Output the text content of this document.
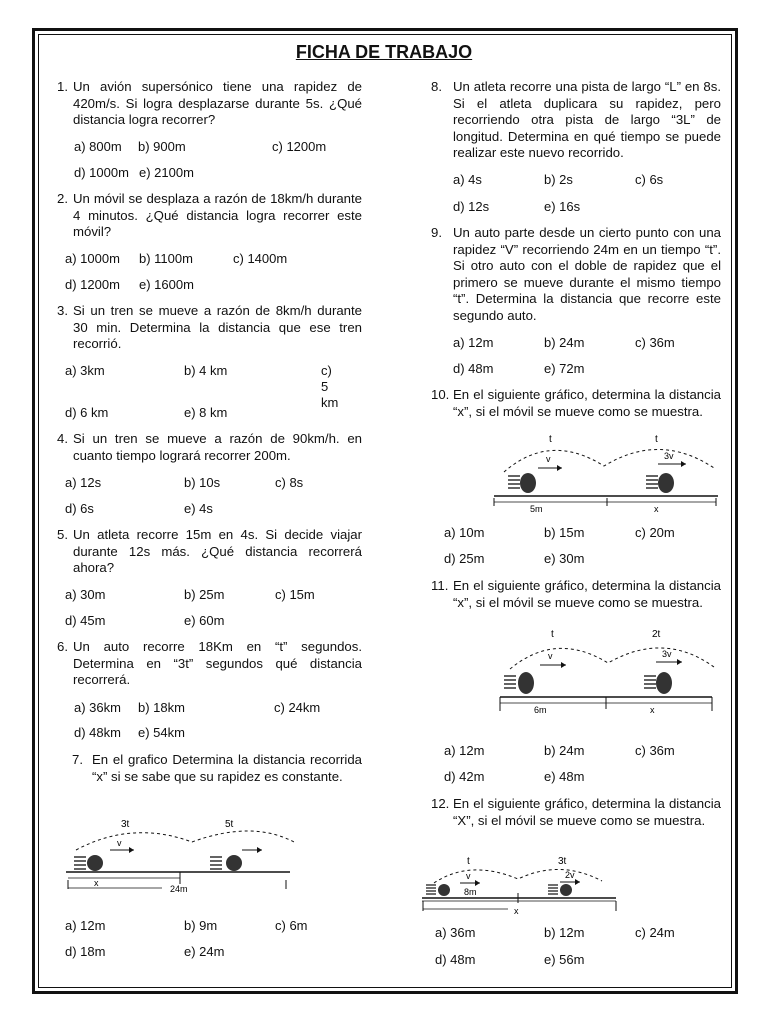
FICHA DE TRABAJO
1. Un avión supersónico tiene una rapidez de 420m/s. Si logra desplazarse durante 5s. ¿Qué distancia logra recorrer?
a) 800m b) 900m	c) 1200m
d) 1000m e) 2100m
2. Un móvil se desplaza a razón de 18km/h durante 4 minutos. ¿Qué distancia logra recorrer este móvil?
a) 1000m b) 1100m	c) 1400m
d) 1200m e) 1600m
3. Si un tren se mueve a razón de 8km/h durante 30 min. Determina la distancia que ese tren recorrió.
a) 3km	b) 4 km	c) 5 km
d) 6 km	e) 8 km
4. Si un tren se mueve a razón de 90km/h. en cuanto tiempo logrará recorrer 200m.
a) 12s	b) 10s	c) 8s
d) 6s	e) 4s
5. Un atleta recorre 15m en 4s. Si decide viajar durante 12s más. ¿Qué distancia recorrerá ahora?
a) 30m	b) 25m	c) 15m
d) 45m	e) 60m
6. Un auto recorre 18Km en “t” segundos. Determina en “3t” segundos qué distancia recorrerá.
a) 36km b) 18km	c) 24km
d) 48km e) 54km
7. En el grafico Determina la distancia recorrida “x” si se sabe que su rapidez es constante.
3t	5t
v
x
24m
a) 12m	b) 9m	c) 6m
d) 18m	e) 24m
8. Un atleta recorre una pista de largo “L” en 8s. Si el atleta duplicara su rapidez, pero recorriendo otra pista de largo “3L” de longitud. Determina en qué tiempo se puede realizar este nuevo recorrido.
a) 4s	b) 2s	c) 6s
d) 12s	e) 16s
9. Un auto parte desde un cierto punto con una rapidez “V” recorriendo 24m en un tiempo “t”. Si otro auto con el doble de rapidez que el primero se mueve durante el mismo tiempo “t”. Determina la distancia que recorre este segundo auto.
a) 12m	b) 24m	c) 36m
d) 48m	e) 72m
10. En el siguiente gráfico, determina la distancia “x”, si el móvil se mueve como se muestra.
t	t
v	3v
5m	x
a) 10m	b) 15m	c) 20m
d) 25m	e) 30m
11. En el siguiente gráfico, determina la distancia “x”, si el móvil se mueve como se muestra.
t	2t
v	3v
6m	x
a) 12m	b) 24m	c) 36m
d) 42m	e) 48m
12. En el siguiente gráfico, determina la distancia “X”, si el móvil se mueve como se muestra.
t	3t
v	2v
8m
x
a) 36m	b) 12m	c) 24m
d) 48m	e) 56m
